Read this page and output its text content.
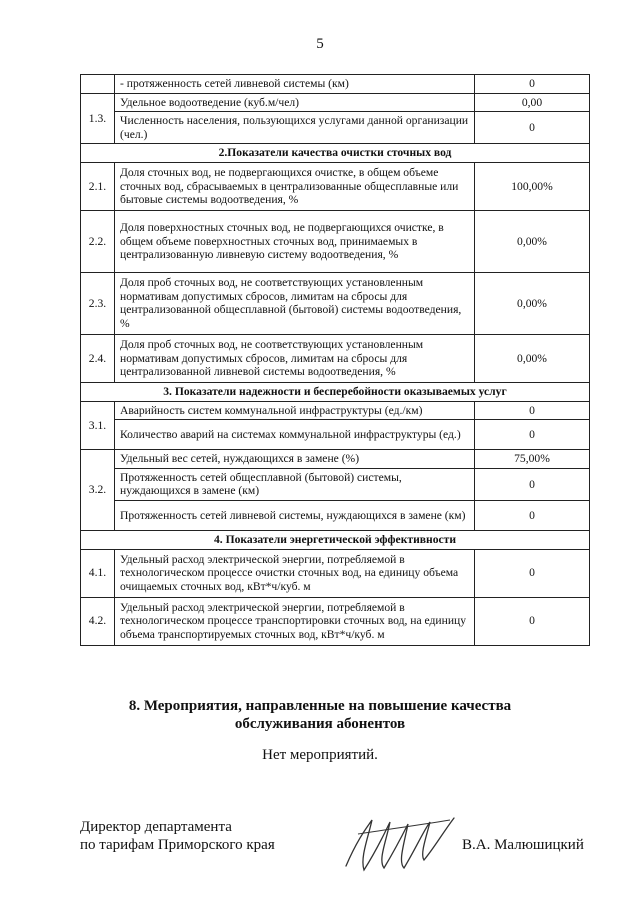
5
	- протяженность сетей ливневой системы (км)	0
1.3.	Удельное водоотведение (куб.м/чел)	0,00
	Численность населения, пользующихся услугами данной организации (чел.)	0
2.Показатели качества очистки сточных вод		
2.1.	Доля сточных вод, не подвергающихся очистке, в общем объеме сточных вод, сбрасываемых в централизованные общесплавные или бытовые системы водоотведения, %	100,00%
2.2.	Доля поверхностных сточных вод, не подвергающихся очистке, в общем объеме поверхностных сточных вод, принимаемых в централизованную ливневую систему водоотведения, %	0,00%
2.3.	Доля проб сточных вод, не соответствующих установленным нормативам допустимых сбросов, лимитам на сбросы для централизованной общесплавной (бытовой) системы водоотведения, %	0,00%
2.4.	Доля проб сточных вод, не соответствующих установленным нормативам допустимых сбросов, лимитам на сбросы для централизованной ливневой системы водоотведения, %	0,00%
3. Показатели надежности и бесперебойности оказываемых услуг		
3.1.	Аварийность систем коммунальной инфраструктуры (ед./км)	0
	Количество аварий на системах коммунальной инфраструктуры (ед.)	0
3.2.	Удельный вес сетей, нуждающихся в замене (%)	75,00%
	Протяженность сетей общесплавной (бытовой) системы, нуждающихся в замене (км)	0
	Протяженность сетей ливневой системы, нуждающихся в замене (км)	0
4. Показатели энергетической эффективности		
4.1.	Удельный расход электрической энергии, потребляемой в технологическом процессе очистки сточных вод, на единицу объема очищаемых сточных вод, кВт*ч/куб. м	0
4.2.	Удельный расход электрической энергии, потребляемой в технологическом процессе транспортировки сточных вод, на единицу объема транспортируемых сточных вод, кВт*ч/куб. м	0
8. Мероприятия, направленные на повышение качества
обслуживания абонентов
Нет мероприятий.
Директор департамента
по тарифам Приморского края	В.А. Малюшицкий
